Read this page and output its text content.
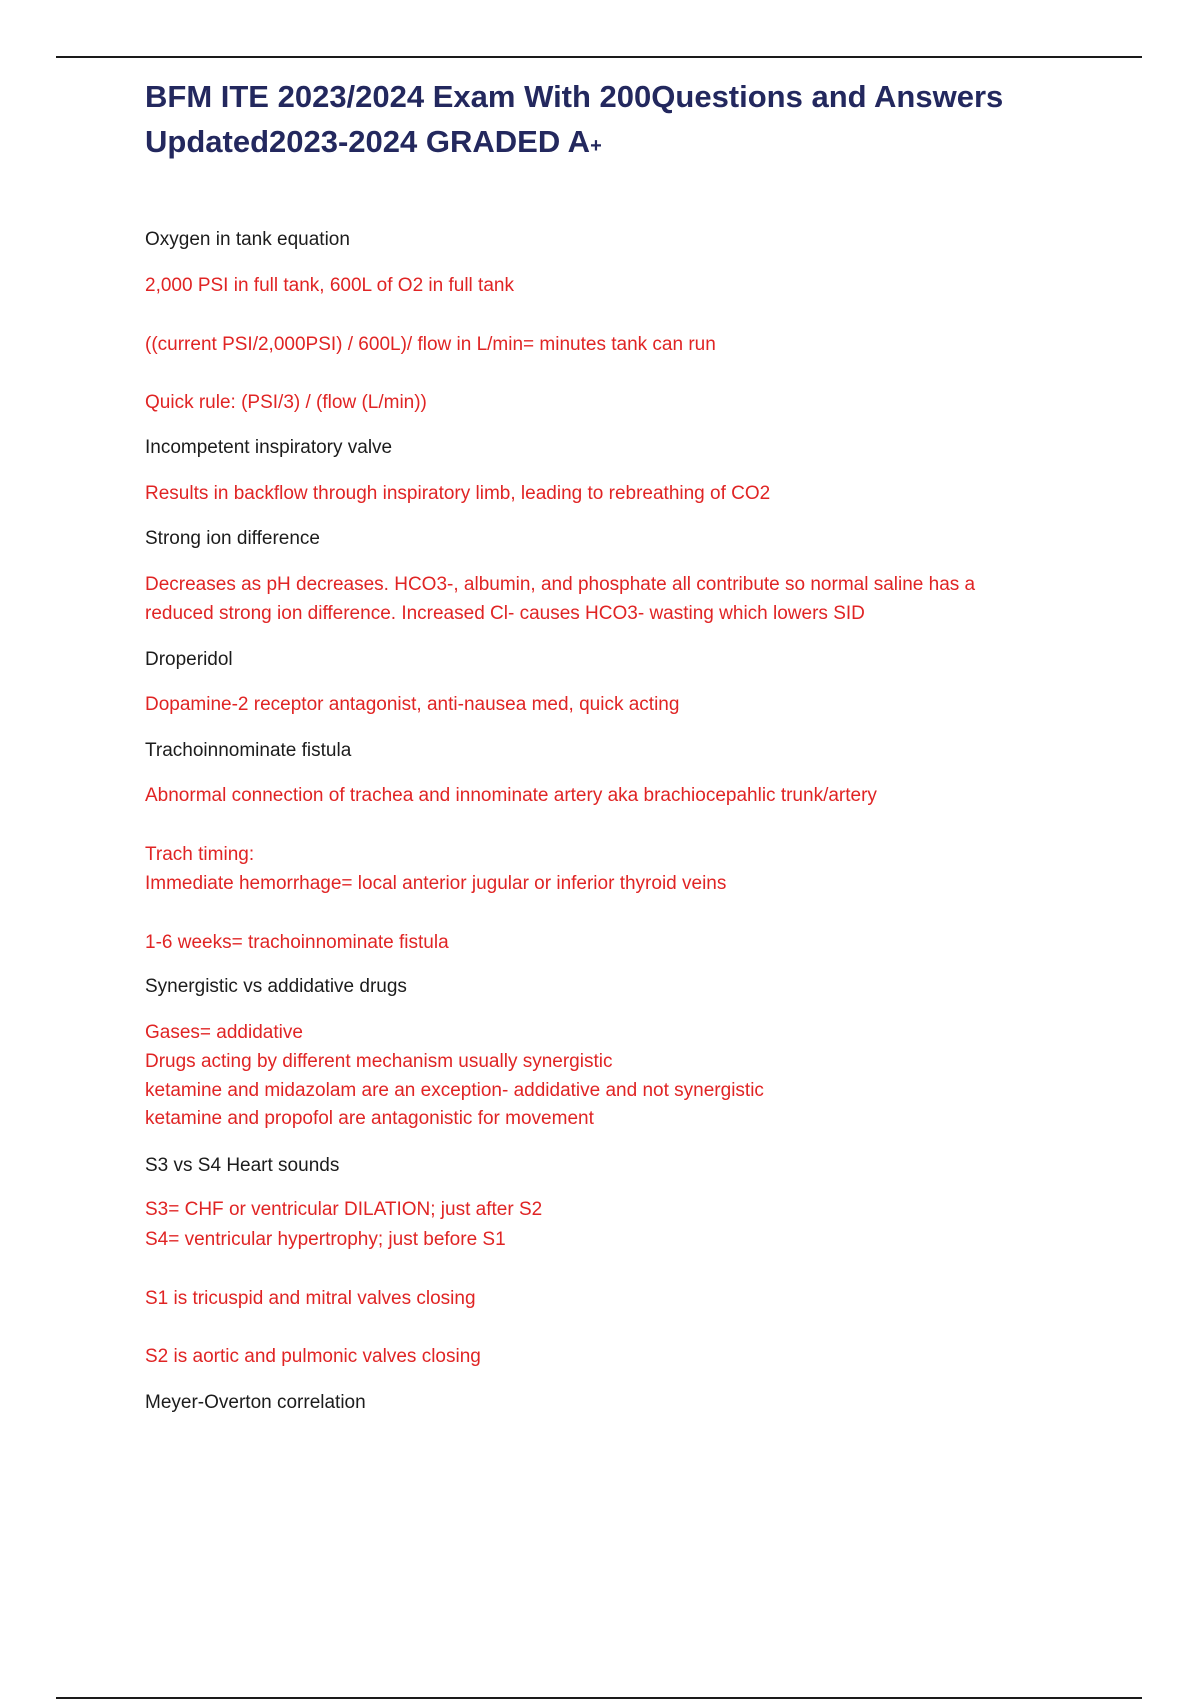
BFM ITE 2023/2024 Exam With 200Questions and Answers
Updated2023-2024 GRADED A+

Oxygen in tank equation

2,000 PSI in full tank, 600L of O2 in full tank

((current PSI/2,000PSI) / 600L)/ flow in L/min= minutes tank can run

Quick rule: (PSI/3) / (flow (L/min))

Incompetent inspiratory valve

Results in backflow through inspiratory limb, leading to rebreathing of CO2

Strong ion difference

Decreases as pH decreases. HCO3-, albumin, and phosphate all contribute so normal saline has a

reduced strong ion difference. Increased Cl- causes HCO3- wasting which lowers SID

Droperidol

Dopamine-2 receptor antagonist, anti-nausea med, quick acting

Trachoinnominate fistula

Abnormal connection of trachea and innominate artery aka brachiocepahlic trunk/artery

Trach timing:

Immediate hemorrhage= local anterior jugular or inferior thyroid veins

1-6 weeks= trachoinnominate fistula

Synergistic vs addidative drugs

Gases= addidative

Drugs acting by different mechanism usually synergistic

ketamine and midazolam are an exception- addidative and not synergistic

ketamine and propofol are antagonistic for movement

S3 vs S4 Heart sounds

S3= CHF or ventricular DILATION; just after S2

S4= ventricular hypertrophy; just before S1

S1 is tricuspid and mitral valves closing

S2 is aortic and pulmonic valves closing

Meyer-Overton correlation
